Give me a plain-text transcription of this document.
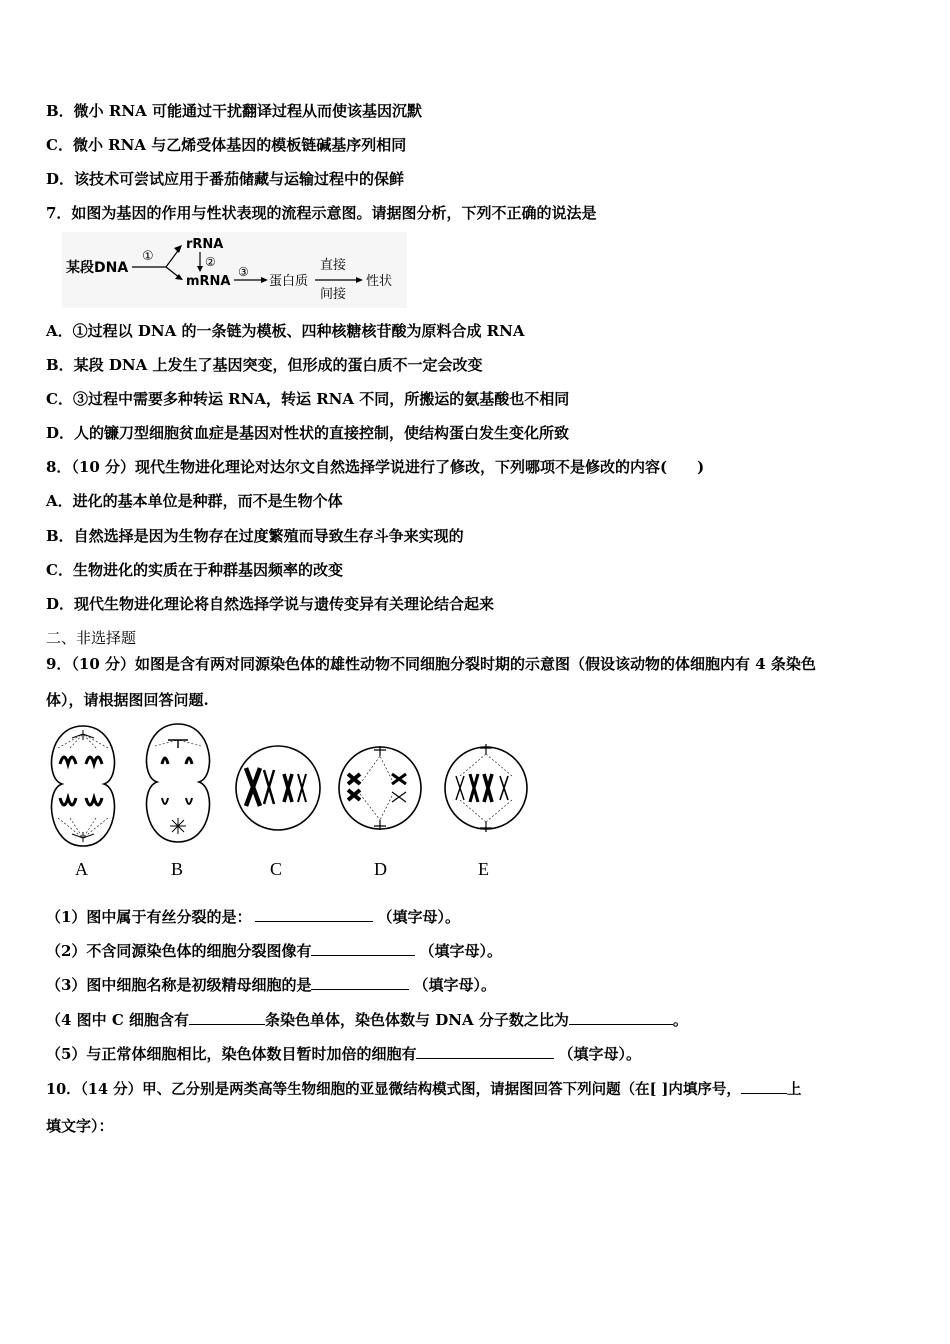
B．微小 RNA 可能通过干扰翻译过程从而使该基因沉默
C．微小 RNA 与乙烯受体基因的模板链碱基序列相同
D．该技术可尝试应用于番茄储藏与运输过程中的保鲜
7．如图为基因的作用与性状表现的流程示意图。请据图分析，下列不正确的说法是
某段DNA
①
rRNA
②
mRNA
③
蛋白质
直接
间接
性状
A．①过程以 DNA 的一条链为模板、四种核糖核苷酸为原料合成 RNA
B．某段 DNA 上发生了基因突变，但形成的蛋白质不一定会改变
C．③过程中需要多种转运 RNA，转运 RNA 不同，所搬运的氨基酸也不相同
D．人的镰刀型细胞贫血症是基因对性状的直接控制，使结构蛋白发生变化所致
8．（10 分）现代生物进化理论对达尔文自然选择学说进行了修改，下列哪项不是修改的内容(　　)
A．进化的基本单位是种群，而不是生物个体
B．自然选择是因为生物存在过度繁殖而导致生存斗争来实现的
C．生物进化的实质在于种群基因频率的改变
D．现代生物进化理论将自然选择学说与遗传变异有关理论结合起来
二、非选择题
9．（10 分）如图是含有两对同源染色体的雄性动物不同细胞分裂时期的示意图（假设该动物的体细胞内有 4 条染色
体），请根据图回答问题.
A	B	C	D	E
（1）图中属于有丝分裂的是：	（填字母）。
（2）不含同源染色体的细胞分裂图像有	（填字母）。
（3）图中细胞名称是初级精母细胞的是	（填字母）。
（4 图中 C 细胞含有	条染色单体，染色体数与 DNA 分子数之比为	。
（5）与正常体细胞相比，染色体数目暂时加倍的细胞有	（填字母）。
10．（14 分）甲、乙分别是两类高等生物细胞的亚显微结构模式图，请据图回答下列问题（在[ ]内填序号，	上
填文字）：
